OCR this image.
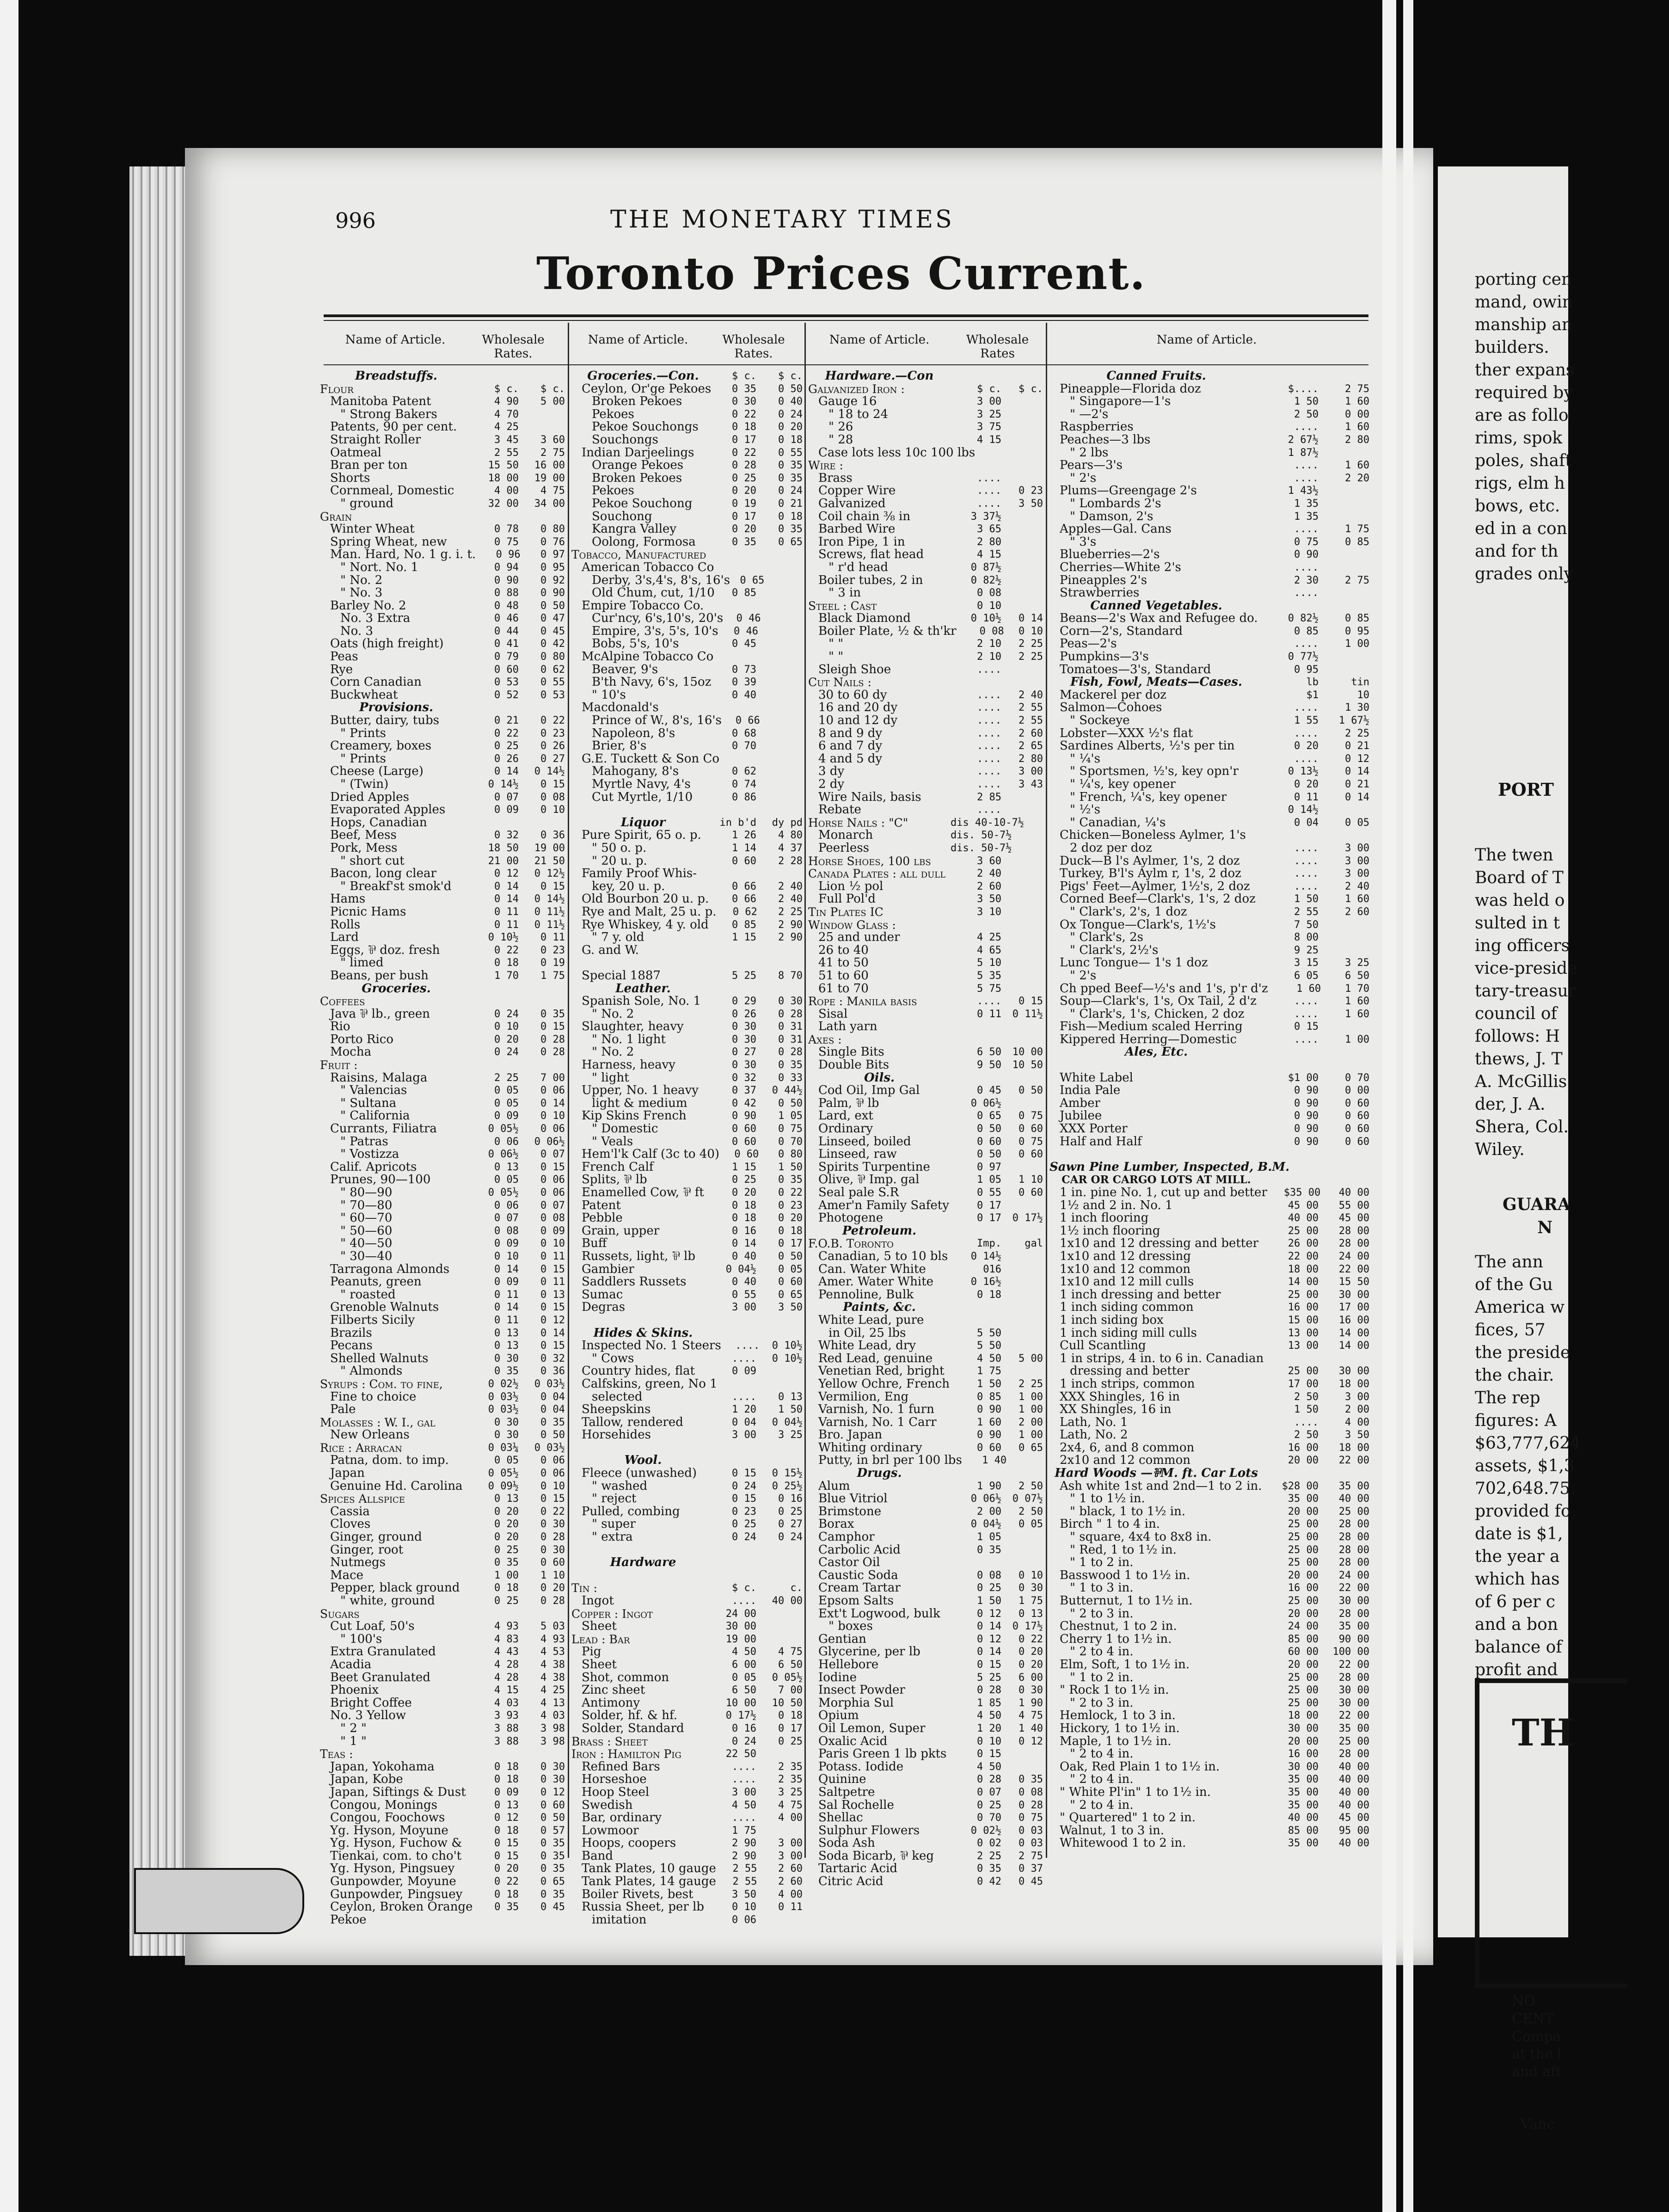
996	THE MONETARY TIMES
Toronto Prices Current.
Name of Article.	Wholesale Rates.
Name of Article.	Wholesale Rates.
Name of Article.	Wholesale Rates
Name of Article.
Breadstuffs.
Flour	$ c.	$ c.
Manitoba Patent	4 90	5 00
" Strong Bakers	4 70
Patents, 90 per cent.	4 25
Straight Roller	3 45	3 60
Oatmeal	2 55	2 75
Bran per ton	15 50	16 00
Shorts	18 00	19 00
Cornmeal, Domestic	4 00	4 75
" ground	32 00	34 00
Grain
Winter Wheat	0 78	0 80
Spring Wheat, new	0 75	0 76
Man. Hard, No. 1 g. i. t.	0 96	0 97
" Nort. No. 1	0 94	0 95
" No. 2	0 90	0 92
" No. 3	0 88	0 90
Barley No. 2	0 48	0 50
No. 3 Extra	0 46	0 47
No. 3	0 44	0 45
Oats (high freight)	0 41	0 42
Peas	0 79	0 80
Rye	0 60	0 62
Corn Canadian	0 53	0 55
Buckwheat	0 52	0 53
Provisions.
Butter, dairy, tubs	0 21	0 22
" Prints	0 22	0 23
Creamery, boxes	0 25	0 26
" Prints	0 26	0 27
Cheese (Large)	0 14	0 14½
" (Twin)	0 14½	0 15
Dried Apples	0 07	0 08
Evaporated Apples	0 09	0 10
Hops, Canadian
Beef, Mess	0 32	0 36
Pork, Mess	18 50	19 00
" short cut	21 00	21 50
Bacon, long clear	0 12	0 12½
" Breakf'st smok'd	0 14	0 15
Hams	0 14	0 14½
Picnic Hams	0 11	0 11½
Rolls	0 11	0 11½
Lard	0 10½	0 11
Eggs, ⅌ doz. fresh	0 22	0 23
" limed	0 18	0 19
Beans, per bush	1 70	1 75
Groceries.
Coffees
Java ⅌ lb., green	0 24	0 35
Rio	0 10	0 15
Porto Rico	0 20	0 28
Mocha	0 24	0 28
Fruit :
Raisins, Malaga	2 25	7 00
" Valencias	0 05	0 06
" Sultana	0 05	0 14
" California	0 09	0 10
Currants, Filiatra	0 05½	0 06
" Patras	0 06	0 06½
" Vostizza	0 06½	0 07
Calif. Apricots	0 13	0 15
Prunes, 90—100	0 05	0 06
" 80—90	0 05½	0 06
" 70—80	0 06	0 07
" 60—70	0 07	0 08
" 50—60	0 08	0 09
" 40—50	0 09	0 10
" 30—40	0 10	0 11
Tarragona Almonds	0 14	0 15
Peanuts, green	0 09	0 11
" roasted	0 11	0 13
Grenoble Walnuts	0 14	0 15
Filberts Sicily	0 11	0 12
Brazils	0 13	0 14
Pecans	0 13	0 15
Shelled Walnuts	0 30	0 32
" Almonds	0 35	0 36
Syrups : Com. to fine,	0 02½	0 03½
Fine to choice	0 03½	0 04
Pale	0 03½	0 04
Molasses : W. I., gal	0 30	0 35
New Orleans	0 30	0 50
Rice : Arracan	0 03¼	0 03½
Patna, dom. to imp.	0 05	0 06
Japan	0 05½	0 06
Genuine Hd. Carolina	0 09½	0 10
Spices Allspice	0 13	0 15
Cassia	0 20	0 22
Cloves	0 20	0 30
Ginger, ground	0 20	0 28
Ginger, root	0 25	0 30
Nutmegs	0 35	0 60
Mace	1 00	1 10
Pepper, black ground	0 18	0 20
" white, ground	0 25	0 28
Sugars
Cut Loaf, 50's	4 93	5 03
" 100's	4 83	4 93
Extra Granulated	4 43	4 53
Acadia	4 28	4 38
Beet Granulated	4 28	4 38
Phoenix	4 15	4 25
Bright Coffee	4 03	4 13
No. 3 Yellow	3 93	4 03
" 2 "	3 88	3 98
" 1 "	3 88	3 98
Teas :
Japan, Yokohama	0 18	0 30
Japan, Kobe	0 18	0 30
Japan, Siftings & Dust	0 09	0 12
Congou, Monings	0 13	0 60
Congou, Foochows	0 12	0 50
Yg. Hyson, Moyune	0 18	0 57
Yg. Hyson, Fuchow &	0 15	0 35
Tienkai, com. to cho't	0 15	0 35
Yg. Hyson, Pingsuey	0 20	0 35
Gunpowder, Moyune	0 22	0 65
Gunpowder, Pingsuey	0 18	0 35
Ceylon, Broken Orange	0 35	0 45
Pekoe
Groceries.—Con.	$ c.	$ c.
Ceylon, Or'ge Pekoes	0 35	0 50
Broken Pekoes	0 30	0 40
Pekoes	0 22	0 24
Pekoe Souchongs	0 18	0 20
Souchongs	0 17	0 18
Indian Darjeelings	0 22	0 55
Orange Pekoes	0 28	0 35
Broken Pekoes	0 25	0 35
Pekoes	0 20	0 24
Pekoe Souchong	0 19	0 21
Souchong	0 17	0 18
Kangra Valley	0 20	0 35
Oolong, Formosa	0 35	0 65
Tobacco, Manufactured
American Tobacco Co
Derby, 3's,4's, 8's, 16's 0 65
Old Chum, cut, 1/10	0 85
Empire Tobacco Co.
Cur'ncy, 6's,10's, 20's	0 46
Empire, 3's, 5's, 10's	0 46
Bobs, 5's, 10's	0 45
McAlpine Tobacco Co
Beaver, 9's	0 73
B'th Navy, 6's, 15oz	0 39
" 10's	0 40
Macdonald's
Prince of W., 8's, 16's	0 66
Napoleon, 8's	0 68
Brier, 8's	0 70
G.E. Tuckett & Son Co
Mahogany, 8's	0 62
Myrtle Navy, 4's	0 74
Cut Myrtle, 1/10	0 86
Liquor	in b'd	dy pd
Pure Spirit, 65 o. p.	1 26	4 80
" 50 o. p.	1 14	4 37
" 20 u. p.	0 60	2 28
Family Proof Whis-
key, 20 u. p.	0 66	2 40
Old Bourbon 20 u. p.	0 66	2 40
Rye and Malt, 25 u. p.	0 62	2 25
Rye Whiskey, 4 y. old	0 85	2 90
" 7 y. old	1 15	2 90
G. and W.
Special 1887	5 25	8 70
Leather.
Spanish Sole, No. 1	0 29	0 30
" No. 2	0 26	0 28
Slaughter, heavy	0 30	0 31
" No. 1 light	0 30	0 31
" No. 2	0 27	0 28
Harness, heavy	0 30	0 35
" light	0 32	0 33
Upper, No. 1 heavy	0 37	0 44½
light & medium	0 42	0 50
Kip Skins French	0 90	1 05
" Domestic	0 60	0 75
" Veals	0 60	0 70
Hem'l'k Calf (3c to 40)	0 60	0 80
French Calf	1 15	1 50
Splits, ⅌ lb	0 25	0 35
Enamelled Cow, ⅌ ft	0 20	0 22
Patent	0 18	0 23
Pebble	0 18	0 20
Grain, upper	0 16	0 18
Buff	0 14	0 17
Russets, light, ⅌ lb	0 40	0 50
Gambier	0 04½	0 05
Saddlers Russets	0 40	0 60
Sumac	0 55	0 65
Degras	3 00	3 50
Hides & Skins.
Inspected No. 1 Steers	....	0 10½
" Cows	....	0 10½
Country hides, flat	0 09
Calfskins, green, No 1
selected	....	0 13
Sheepskins	1 20	1 50
Tallow, rendered	0 04	0 04½
Horsehides	3 00	3 25
Wool.
Fleece (unwashed)	0 15	0 15½
" washed	0 24	0 25½
" reject	0 15	0 16
Pulled, combing	0 23	0 25
" super	0 25	0 27
" extra	0 24	0 24
Hardware
Tin :	$ c.	c.
Ingot	....	40 00
Copper : Ingot	24 00
Sheet	30 00
Lead : Bar	19 00
Pig	4 50	4 75
Sheet	6 00	6 50
Shot, common	0 05	0 05½
Zinc sheet	6 50	7 00
Antimony	10 00	10 50
Solder, hf. & hf.	0 17½	0 18
Solder, Standard	0 16	0 17
Brass : Sheet	0 24	0 25
Iron : Hamilton Pig	22 50
Refined Bars	....	2 35
Horseshoe	....	2 35
Hoop Steel	3 00	3 25
Swedish	4 50	4 75
Bar, ordinary	....	4 00
Lowmoor	1 75
Hoops, coopers	2 90	3 00
Band	2 90	3 00
Tank Plates, 10 gauge	2 55	2 60
Tank Plates, 14 gauge	2 55	2 60
Boiler Rivets, best	3 50	4 00
Russia Sheet, per lb	0 10	0 11
imitation	0 06
Hardware.—Con
Galvanized Iron :	$ c.	$ c.
Gauge 16	3 00
" 18 to 24	3 25
" 26	3 75
" 28	4 15
Case lots less 10c 100 lbs
Wire :
Brass	....
Copper Wire	....	0 23
Galvanized	....	3 50
Coil chain ⅜ in	3 37½
Barbed Wire	3 65
Iron Pipe, 1 in	2 80
Screws, flat head	4 15
" r'd head	0 87½
Boiler tubes, 2 in	0 82½
" 3 in	0 08
Steel : Cast	0 10
Black Diamond	0 10½	0 14
Boiler Plate, ½ & th'kr	0 08	0 10
" "	2 10	2 25
" "	2 10	2 25
Sleigh Shoe	....
Cut Nails :
30 to 60 dy	....	2 40
16 and 20 dy	....	2 55
10 and 12 dy	....	2 55
8 and 9 dy	....	2 60
6 and 7 dy	....	2 65
4 and 5 dy	....	2 80
3 dy	....	3 00
2 dy	....	3 43
Wire Nails, basis	2 85
Rebate	....
Horse Nails : "C"	dis 40-10-7½
Monarch	dis. 50-7½
Peerless	dis. 50-7½
Horse Shoes, 100 lbs	3 60
Canada Plates : all dull	2 40
Lion ½ pol	2 60
Full Pol'd	3 50
Tin Plates IC	3 10
Window Glass :
25 and under	4 25
26 to 40	4 65
41 to 50	5 10
51 to 60	5 35
61 to 70	5 75
Rope : Manila basis	....	0 15
Sisal	0 11	0 11½
Lath yarn
Axes :
Single Bits	6 50	10 00
Double Bits	9 50	10 50
Oils.
Cod Oil, Imp Gal	0 45	0 50
Palm, ⅌ lb	0 06½
Lard, ext	0 65	0 75
Ordinary	0 50	0 60
Linseed, boiled	0 60	0 75
Linseed, raw	0 50	0 60
Spirits Turpentine	0 97
Olive, ⅌ Imp. gal	1 05	1 10
Seal pale S.R	0 55	0 60
Amer'n Family Safety	0 17
Photogene	0 17	0 17½
Petroleum.
F.O.B. Toronto	Imp.	gal
Canadian, 5 to 10 bls	0 14½
Can. Water White	016
Amer. Water White	0 16½
Pennoline, Bulk	0 18
Paints, &c.
White Lead, pure
in Oil, 25 lbs	5 50
White Lead, dry	5 50
Red Lead, genuine	4 50	5 00
Venetian Red, bright	1 75
Yellow Ochre, French	1 50	2 25
Vermilion, Eng	0 85	1 00
Varnish, No. 1 furn	0 90	1 00
Varnish, No. 1 Carr	1 60	2 00
Bro. Japan	0 90	1 00
Whiting ordinary	0 60	0 65
Putty, in brl per 100 lbs	1 40
Drugs.
Alum	1 90	2 50
Blue Vitriol	0 06½	0 07½
Brimstone	2 00	2 50
Borax	0 04½	0 05
Camphor	1 05
Carbolic Acid	0 35
Castor Oil
Caustic Soda	0 08	0 10
Cream Tartar	0 25	0 30
Epsom Salts	1 50	1 75
Ext't Logwood, bulk	0 12	0 13
" boxes	0 14	0 17½
Gentian	0 12	0 22
Glycerine, per lb	0 14	0 20
Hellebore	0 15	0 20
Iodine	5 25	6 00
Insect Powder	0 28	0 30
Morphia Sul	1 85	1 90
Opium	4 50	4 75
Oil Lemon, Super	1 20	1 40
Oxalic Acid	0 10	0 12
Paris Green 1 lb pkts	0 15
Potass. Iodide	4 50
Quinine	0 28	0 35
Saltpetre	0 07	0 08
Sal Rochelle	0 25	0 28
Shellac	0 70	0 75
Sulphur Flowers	0 02½	0 03
Soda Ash	0 02	0 03
Soda Bicarb, ⅌ keg	2 25	2 75
Tartaric Acid	0 35	0 37
Citric Acid	0 42	0 45
Canned Fruits.
Pineapple—Florida doz	$....	2 75
" Singapore—1's	1 50	1 60
" —2's	2 50	0 00
Raspberries	....	1 60
Peaches—3 lbs	2 67½	2 80
" 2 lbs	1 87½
Pears—3's	....	1 60
" 2's	....	2 20
Plums—Greengage 2's	1 43½
" Lombards 2's	1 35
" Damson, 2's	1 35
Apples—Gal. Cans	....	1 75
" 3's	0 75	0 85
Blueberries—2's	0 90
Cherries—White 2's	....
Pineapples 2's	2 30	2 75
Strawberries	....
Canned Vegetables.
Beans—2's Wax and Refugee do.	0 82½	0 85
Corn—2's, Standard	0 85	0 95
Peas—2's	....	1 00
Pumpkins—3's	0 77½
Tomatoes—3's, Standard	0 95
Fish, Fowl, Meats—Cases.	lb	tin
Mackerel per doz	$1	10
Salmon—Cohoes	....	1 30
" Sockeye	1 55	1 67½
Lobster—XXX ½'s flat	....	2 25
Sardines Alberts, ½'s per tin	0 20	0 21
" ¼'s	....	0 12
" Sportsmen, ½'s, key opn'r	0 13½	0 14
" ¼'s, key opener	0 20	0 21
" French, ¼'s, key opener	0 11	0 14
" ½'s	0 14½
" Canadian, ¼'s	0 04	0 05
Chicken—Boneless Aylmer, 1's
2 doz per doz	....	3 00
Duck—B l's Aylmer, 1's, 2 doz	....	3 00
Turkey, B'l's Aylm r, 1's, 2 doz	....	3 00
Pigs' Feet—Aylmer, 1½'s, 2 doz	....	2 40
Corned Beef—Clark's, 1's, 2 doz	1 50	1 60
" Clark's, 2's, 1 doz	2 55	2 60
Ox Tongue—Clark's, 1½'s	7 50
" Clark's, 2s	8 00
" Clark's, 2½'s	9 25
Lunc Tongue— 1's 1 doz	3 15	3 25
" 2's	6 05	6 50
Ch pped Beef—½'s and 1's, p'r d'z	1 60	1 70
Soup—Clark's, 1's, Ox Tail, 2 d'z	....	1 60
" Clark's, 1's, Chicken, 2 doz	....	1 60
Fish—Medium scaled Herring	0 15
Kippered Herring—Domestic	....	1 00
Ales, Etc.
White Label	$1 00	0 70
India Pale	0 90	0 00
Amber	0 90	0 60
Jubilee	0 90	0 60
XXX Porter	0 90	0 60
Half and Half	0 90	0 60
Sawn Pine Lumber, Inspected, B.M.
CAR OR CARGO LOTS AT MILL.
1 in. pine No. 1, cut up and better	$35 00	40 00
1½ and 2 in. No. 1	45 00	55 00
1 inch flooring	40 00	45 00
1½ inch flooring	25 00	28 00
1x10 and 12 dressing and better	26 00	28 00
1x10 and 12 dressing	22 00	24 00
1x10 and 12 common	18 00	22 00
1x10 and 12 mill culls	14 00	15 50
1 inch dressing and better	25 00	30 00
1 inch siding common	16 00	17 00
1 inch siding box	15 00	16 00
1 inch siding mill culls	13 00	14 00
Cull Scantling	13 00	14 00
1 in strips, 4 in. to 6 in. Canadian
dressing and better	25 00	30 00
1 inch strips, common	17 00	18 00
XXX Shingles, 16 in	2 50	3 00
XX Shingles, 16 in	1 50	2 00
Lath, No. 1	....	4 00
Lath, No. 2	2 50	3 50
2x4, 6, and 8 common	16 00	18 00
2x10 and 12 common	20 00	22 00
Hard Woods —⅌M. ft. Car Lots
Ash white 1st and 2nd—1 to 2 in.	$28 00	35 00
" 1 to 1½ in.	35 00	40 00
" black, 1 to 1½ in.	20 00	25 00
Birch " 1 to 4 in.	25 00	28 00
" square, 4x4 to 8x8 in.	25 00	28 00
" Red, 1 to 1½ in.	25 00	28 00
" 1 to 2 in.	25 00	28 00
Basswood 1 to 1½ in.	20 00	24 00
" 1 to 3 in.	16 00	22 00
Butternut, 1 to 1½ in.	25 00	30 00
" 2 to 3 in.	20 00	28 00
Chestnut, 1 to 2 in.	24 00	35 00
Cherry 1 to 1½ in.	85 00	90 00
" 2 to 4 in.	60 00	100 00
Elm, Soft, 1 to 1½ in.	20 00	22 00
" 1 to 2 in.	25 00	28 00
" Rock 1 to 1½ in.	25 00	30 00
" 2 to 3 in.	25 00	30 00
Hemlock, 1 to 3 in.	18 00	22 00
Hickory, 1 to 1½ in.	30 00	35 00
Maple, 1 to 1½ in.	20 00	25 00
" 2 to 4 in.	16 00	28 00
Oak, Red Plain 1 to 1½ in.	30 00	40 00
" 2 to 4 in.	35 00	40 00
" White Pl'in" 1 to 1½ in.	35 00	40 00
" 2 to 4 in.	35 00	40 00
" Quartered" 1 to 2 in.	40 00	45 00
Walnut, 1 to 3 in.	85 00	95 00
Whitewood 1 to 2 in.	35 00	40 00
porting cen
mand, owin
manship an
builders.
ther expans
required by
are as follo
rims, spok
poles, shaft
rigs, elm h
bows, etc.
ed in a con
and for th
grades only
PORT
The twen
Board of T
was held o
sulted in t
ing officers
vice-preside
tary-treasur
council of
follows: H
thews, J. T
A. McGillis
der, J. A.
Shera, Col.
Wiley.
GUARA
N
The ann
of the Gu
America w
fices, 57
the preside
the chair.
The rep
figures: A
$63,777,624
assets, $1,3
702,648.75.
provided fo
date is $1,
the year a
which has
of 6 per c
and a bon
balance of
profit and
TH
NO
CENT
Compa
at the l
and aft

Vanc
